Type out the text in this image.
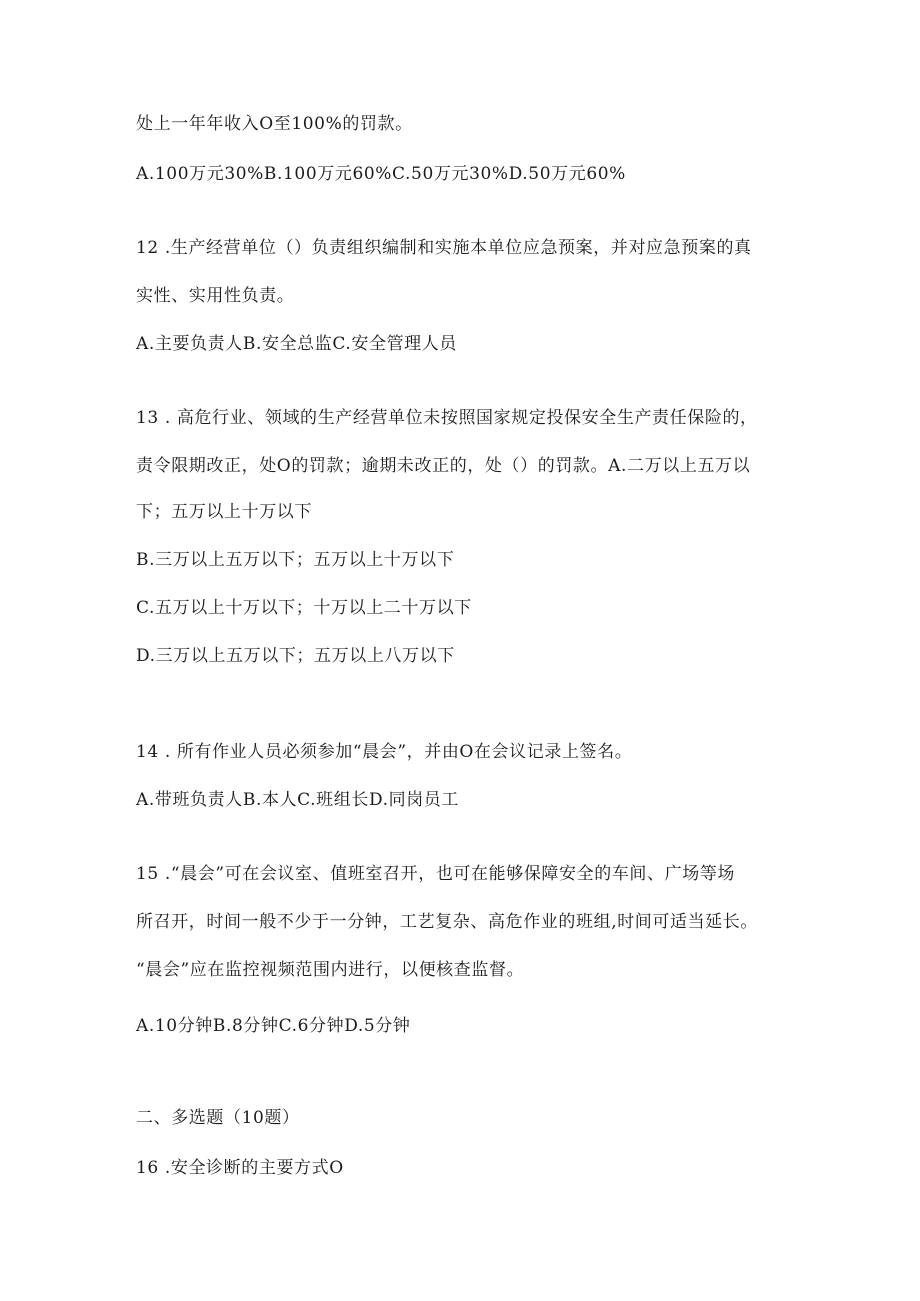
处上一年年收入O至100%的罚款。
A.100万元30%B.100万元60%C.50万元30%D.50万元60%
12 .生产经营单位（）负责组织编制和实施本单位应急预案，并对应急预案的真
实性、实用性负责。
A.主要负责人B.安全总监C.安全管理人员
13 . 高危行业、领域的生产经营单位未按照国家规定投保安全生产责任保险的，
责令限期改正，处O的罚款；逾期未改正的，处（）的罚款。A.二万以上五万以
下；五万以上十万以下
B.三万以上五万以下；五万以上十万以下
C.五万以上十万以下；十万以上二十万以下
D.三万以上五万以下；五万以上八万以下
14 . 所有作业人员必须参加“晨会”，并由O在会议记录上签名。
A.带班负责人B.本人C.班组长D.同岗员工
15 .“晨会”可在会议室、值班室召开，也可在能够保障安全的车间、广场等场
所召开，时间一般不少于一分钟，工艺复杂、高危作业的班组,时间可适当延长。
“晨会”应在监控视频范围内进行，以便核查监督。
A.10分钟B.8分钟C.6分钟D.5分钟
二、多选题（10题）
16 .安全诊断的主要方式O
